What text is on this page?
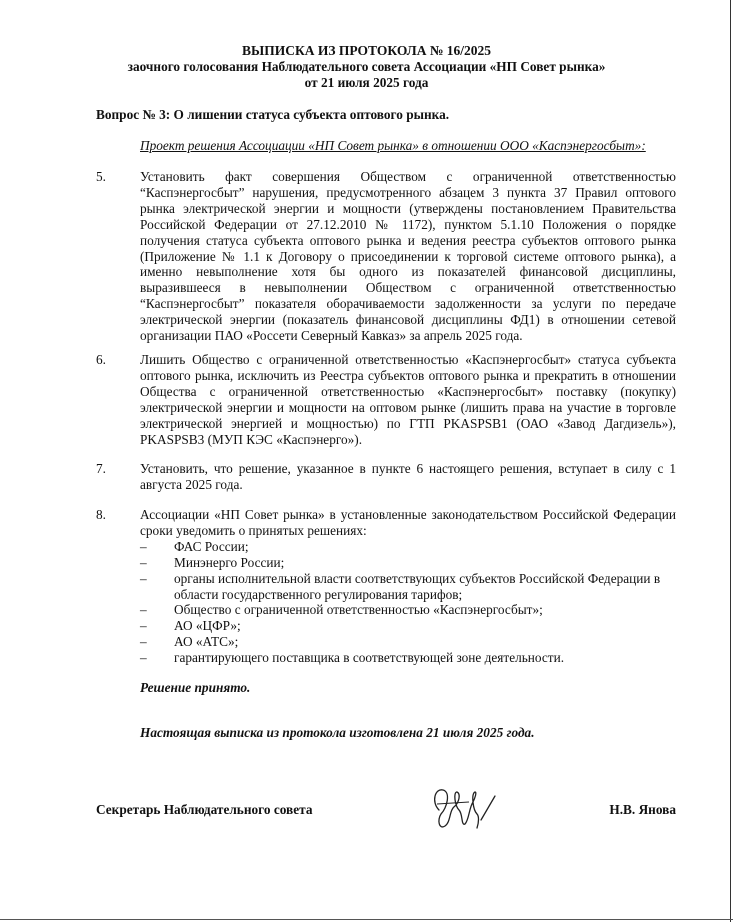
ВЫПИСКА ИЗ ПРОТОКОЛА № 16/2025
заочного голосования Наблюдательного совета Ассоциации «НП Совет рынка»
от 21 июля 2025 года
Вопрос № 3: О лишении статуса субъекта оптового рынка.
Проект решения Ассоциации «НП Совет рынка» в отношении ООО «Каспэнергосбыт»:
5.	Установить факт совершения Обществом с ограниченной ответственностью “Каспэнергосбыт” нарушения, предусмотренного абзацем 3 пункта 37 Правил оптового рынка электрической энергии и мощности (утверждены постановлением Правительства Российской Федерации от 27.12.2010 № 1172), пунктом 5.1.10 Положения о порядке получения статуса субъекта оптового рынка и ведения реестра субъектов оптового рынка (Приложение № 1.1 к Договору о присоединении к торговой системе оптового рынка), а именно невыполнение хотя бы одного из показателей финансовой дисциплины, выразившееся в невыполнении Обществом с ограниченной ответственностью “Каспэнергосбыт” показателя оборачиваемости задолженности за услуги по передаче электрической энергии (показатель финансовой дисциплины ФД1) в отношении сетевой организации ПАО «Россети Северный Кавказ» за апрель 2025 года.
6.	Лишить Общество с ограниченной ответственностью «Каспэнергосбыт» статуса субъекта оптового рынка, исключить из Реестра субъектов оптового рынка и прекратить в отношении Общества с ограниченной ответственностью «Каспэнергосбыт» поставку (покупку) электрической энергии и мощности на оптовом рынке (лишить права на участие в торговле электрической энергией и мощностью) по ГТП PKASPSB1 (ОАО «Завод Дагдизель»), PKASPSB3 (МУП КЭС «Каспэнерго»).
7.	Установить, что решение, указанное в пункте 6 настоящего решения, вступает в силу с 1 августа 2025 года.
8.	Ассоциации «НП Совет рынка» в установленные законодательством Российской Федерации сроки уведомить о принятых решениях:
– ФАС России;
– Минэнерго России;
– органы исполнительной власти соответствующих субъектов Российской Федерации в области государственного регулирования тарифов;
– Общество с ограниченной ответственностью «Каспэнергосбыт»;
– АО «ЦФР»;
– АО «АТС»;
– гарантирующего поставщика в соответствующей зоне деятельности.
Решение принято.
Настоящая выписка из протокола изготовлена 21 июля 2025 года.
Секретарь Наблюдательного совета	Н.В. Янова
